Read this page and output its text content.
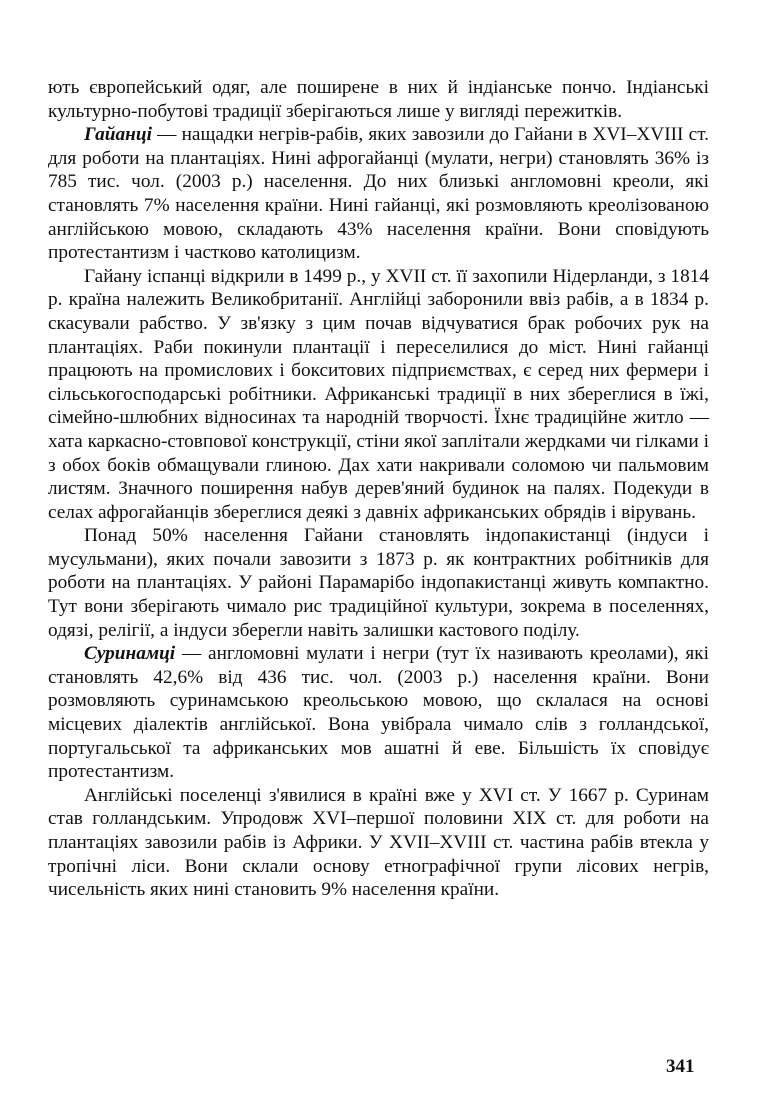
ють європейський одяг, але поширене в них й індіанське пончо. Індіанські культурно-побутові традиції зберігаються лише у вигляді пережитків.

Гайанці — нащадки негрів-рабів, яких завозили до Гайани в XVI–XVIII ст. для роботи на плантаціях. Нині афрогайанці (мулати, негри) становлять 36% із 785 тис. чол. (2003 р.) населення. До них близькі англомовні креоли, які становлять 7% населення країни. Нині гайанці, які розмовляють креолізованою англійською мовою, складають 43% населення країни. Вони сповідують протестантизм і частково католицизм.

Гайану іспанці відкрили в 1499 р., у XVII ст. її захопили Нідерланди, з 1814 р. країна належить Великобританії. Англійці заборонили ввіз рабів, а в 1834 р. скасували рабство. У зв'язку з цим почав відчуватися брак робочих рук на плантаціях. Раби покинули плантації і переселилися до міст. Нині гайанці працюють на промислових і бокситових підприємствах, є серед них фермери і сільськогосподарські робітники. Африканські традиції в них збереглися в їжі, сімейно-шлюбних відносинах та народній творчості. Їхнє традиційне житло — хата каркасно-стовпової конструкції, стіни якої заплітали жердками чи гілками і з обох боків обмащували глиною. Дах хати накривали соломою чи пальмовим листям. Значного поширення набув дерев'яний будинок на палях. Подекуди в селах афрогайанців збереглися деякі з давніх африканських обрядів і вірувань.

Понад 50% населення Гайани становлять індопакистанці (індуси і мусульмани), яких почали завозити з 1873 р. як контрактних робітників для роботи на плантаціях. У районі Парамарібо індопакистанці живуть компактно. Тут вони зберігають чимало рис традиційної культури, зокрема в поселеннях, одязі, релігії, а індуси зберегли навіть залишки кастового поділу.

Суринамці — англомовні мулати і негри (тут їх називають креолами), які становлять 42,6% від 436 тис. чол. (2003 р.) населення країни. Вони розмовляють суринамською креольською мовою, що склалася на основі місцевих діалектів англійської. Вона увібрала чимало слів з голландської, португальської та африканських мов ашатні й еве. Більшість їх сповідує протестантизм.

Англійські поселенці з'явилися в країні вже у XVI ст. У 1667 р. Суринам став голландським. Упродовж XVI–першої половини XIX ст. для роботи на плантаціях завозили рабів із Африки. У XVII–XVIII ст. частина рабів втекла у тропічні ліси. Вони склали основу етнографічної групи лісових негрів, чисельність яких нині становить 9% населення країни.

341
